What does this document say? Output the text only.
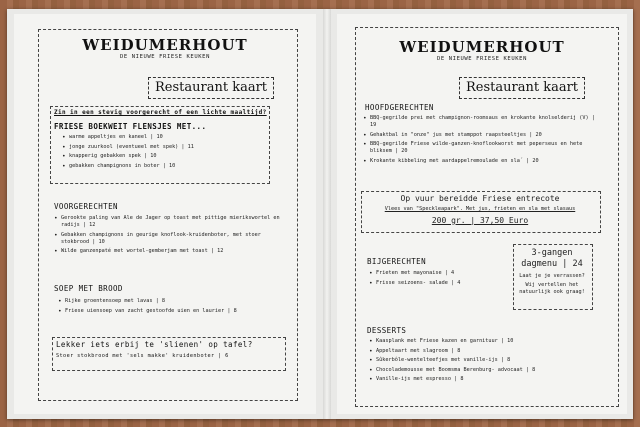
WEIDUMERHOUT
DE NIEUWE FRIESE KEUKEN
Restaurant kaart
Zin in een stevig voorgerecht of een lichte maaltijd?
FRIESE BOEKWEIT FLENSJES MET...
• warme appeltjes en kaneel | 10
• jonge zuurkool (eventueel met spek) | 11
• knapperig gebakken spek | 10
• gebakken champignons in boter | 10
VOORGERECHTEN
• Gerookte paling van Ale de Jager op toast met pittige mierikswortel en radijs | 12
• Gebakken champignons in geurige knoflook-kruidenboter, met stoer stokbrood | 10
• Wilde ganzenpaté met wortel-gemberjam met toast | 12
SOEP MET BROOD
• Rijke groentensoep met lavas | 8
• Friese uiensoep van zacht gestoofde uien en laurier | 8
Lekker iets erbij te 'slienen' op tafel?
Stoer stokbrood met 'sels makke' kruidenboter | 6
WEIDUMERHOUT
DE NIEUWE FRIESE KEUKEN
Restaurant kaart
HOOFDGERECHTEN
• BBQ-gegrilde prei met champignon-roomsaus en krokante knolselderij (V) | 19
• Gehaktbal in "onze" jus met stamppot raapsteeltjes | 20
• BBQ-gegrilde Friese wilde-ganzen-knoflookworst met peperseus en hete bliksem | 20
• Krokante kibbeling met aardappelremoulade en sla´ | 20
Op vuur bereidde Friese entrecote
Vlees van "Speckleapark". Met jus, frieten en sla met slasaus
200 gr. | 37,50 Euro
BIJGERECHTEN
• Frieten met mayonaise | 4
• Frisse seizoens- salade | 4
3-gangen
dagmenu | 24
Laat je je verrassen?
Wij vertellen het natuurlijk ook graag!
DESSERTS
• Kaasplank met Friese kazen en garnituur | 10
• Appeltaart met slagroom | 8
• Sûkerbôle-wentelteefjes met vanille-ijs | 8
• Chocolademousse met Boomsma Berenburg- advocaat | 8
• Vanille-ijs met espresso | 8
